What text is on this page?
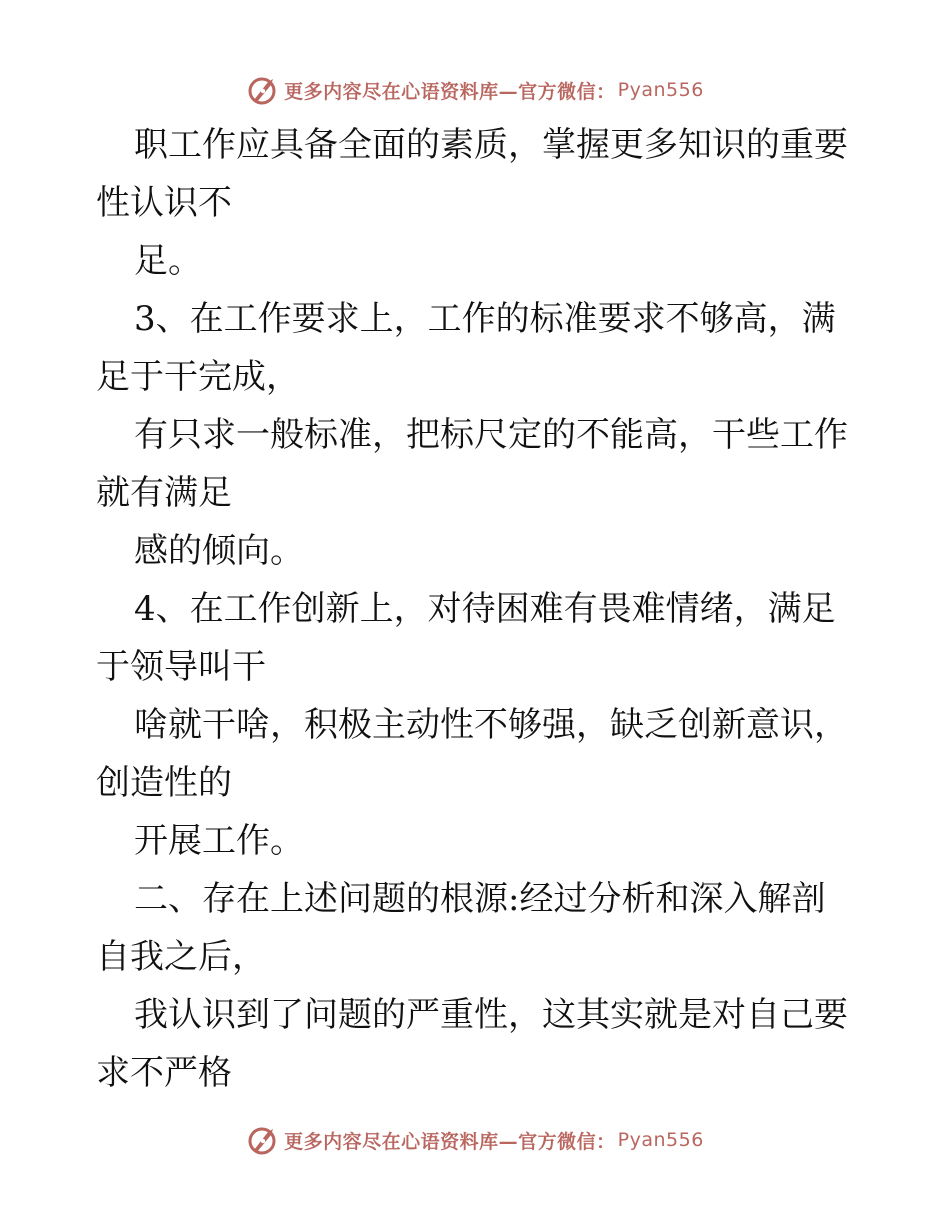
更多内容尽在心语资料库—官方微信： Pyan556
职工作应具备全面的素质，掌握更多知识的重要
性认识不
足。
3、在工作要求上，工作的标准要求不够高，满
足于干完成，
有只求一般标准，把标尺定的不能高，干些工作
就有满足
感的倾向。
4、在工作创新上，对待困难有畏难情绪，满足
于领导叫干
啥就干啥，积极主动性不够强，缺乏创新意识，
创造性的
开展工作。
二、存在上述问题的根源:经过分析和深入解剖
自我之后，
我认识到了问题的严重性，这其实就是对自己要
求不严格
更多内容尽在心语资料库—官方微信： Pyan556
